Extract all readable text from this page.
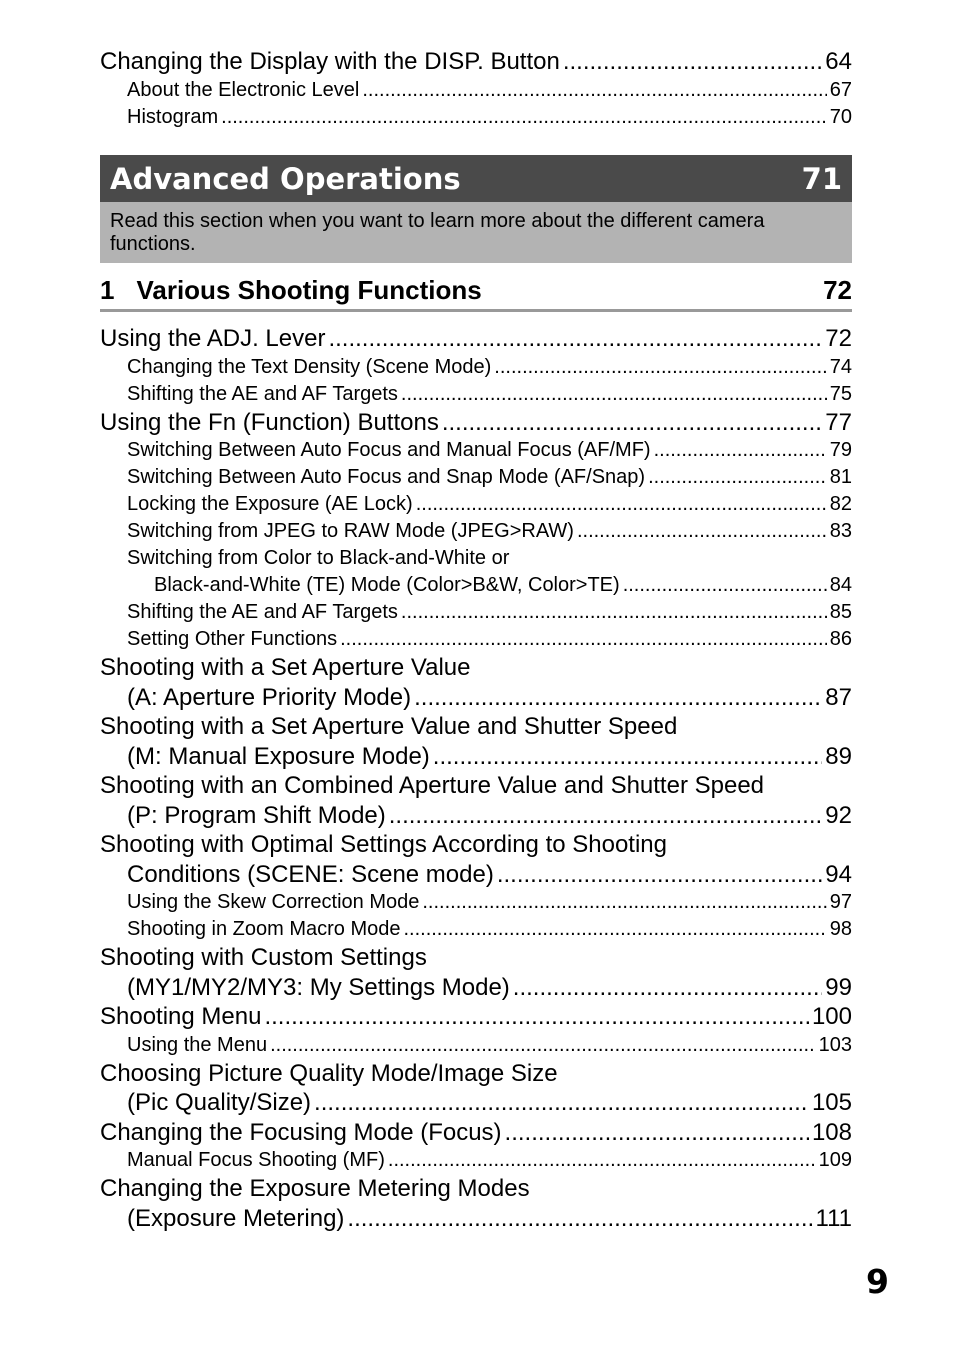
Changing the Display with the DISP. Button .....	64
About the Electronic Level .....	67
Histogram .....	70
Advanced Operations	71
Read this section when you want to learn more about the different camera functions.
1 Various Shooting Functions	72
Using the ADJ. Lever .....	72
Changing the Text Density (Scene Mode) .....	74
Shifting the AE and AF Targets .....	75
Using the Fn (Function) Buttons .....	77
Switching Between Auto Focus and Manual Focus (AF/MF) .....	79
Switching Between Auto Focus and Snap Mode (AF/Snap) .....	81
Locking the Exposure (AE Lock) .....	82
Switching from JPEG to RAW Mode (JPEG>RAW) .....	83
Switching from Color to Black-and-White or
Black-and-White (TE) Mode (Color>B&W, Color>TE) .....	84
Shifting the AE and AF Targets .....	85
Setting Other Functions .....	86
Shooting with a Set Aperture Value
(A: Aperture Priority Mode) .....	87
Shooting with a Set Aperture Value and Shutter Speed
(M: Manual Exposure Mode) .....	89
Shooting with an Combined Aperture Value and Shutter Speed
(P: Program Shift Mode) .....	92
Shooting with Optimal Settings According to Shooting
Conditions (SCENE: Scene mode) .....	94
Using the Skew Correction Mode .....	97
Shooting in Zoom Macro Mode .....	98
Shooting with Custom Settings
(MY1/MY2/MY3: My Settings Mode) .....	99
Shooting Menu .....	100
Using the Menu .....	103
Choosing Picture Quality Mode/Image Size
(Pic Quality/Size) .....	105
Changing the Focusing Mode (Focus) .....	108
Manual Focus Shooting (MF) .....	109
Changing the Exposure Metering Modes
(Exposure Metering) .....	111
9
